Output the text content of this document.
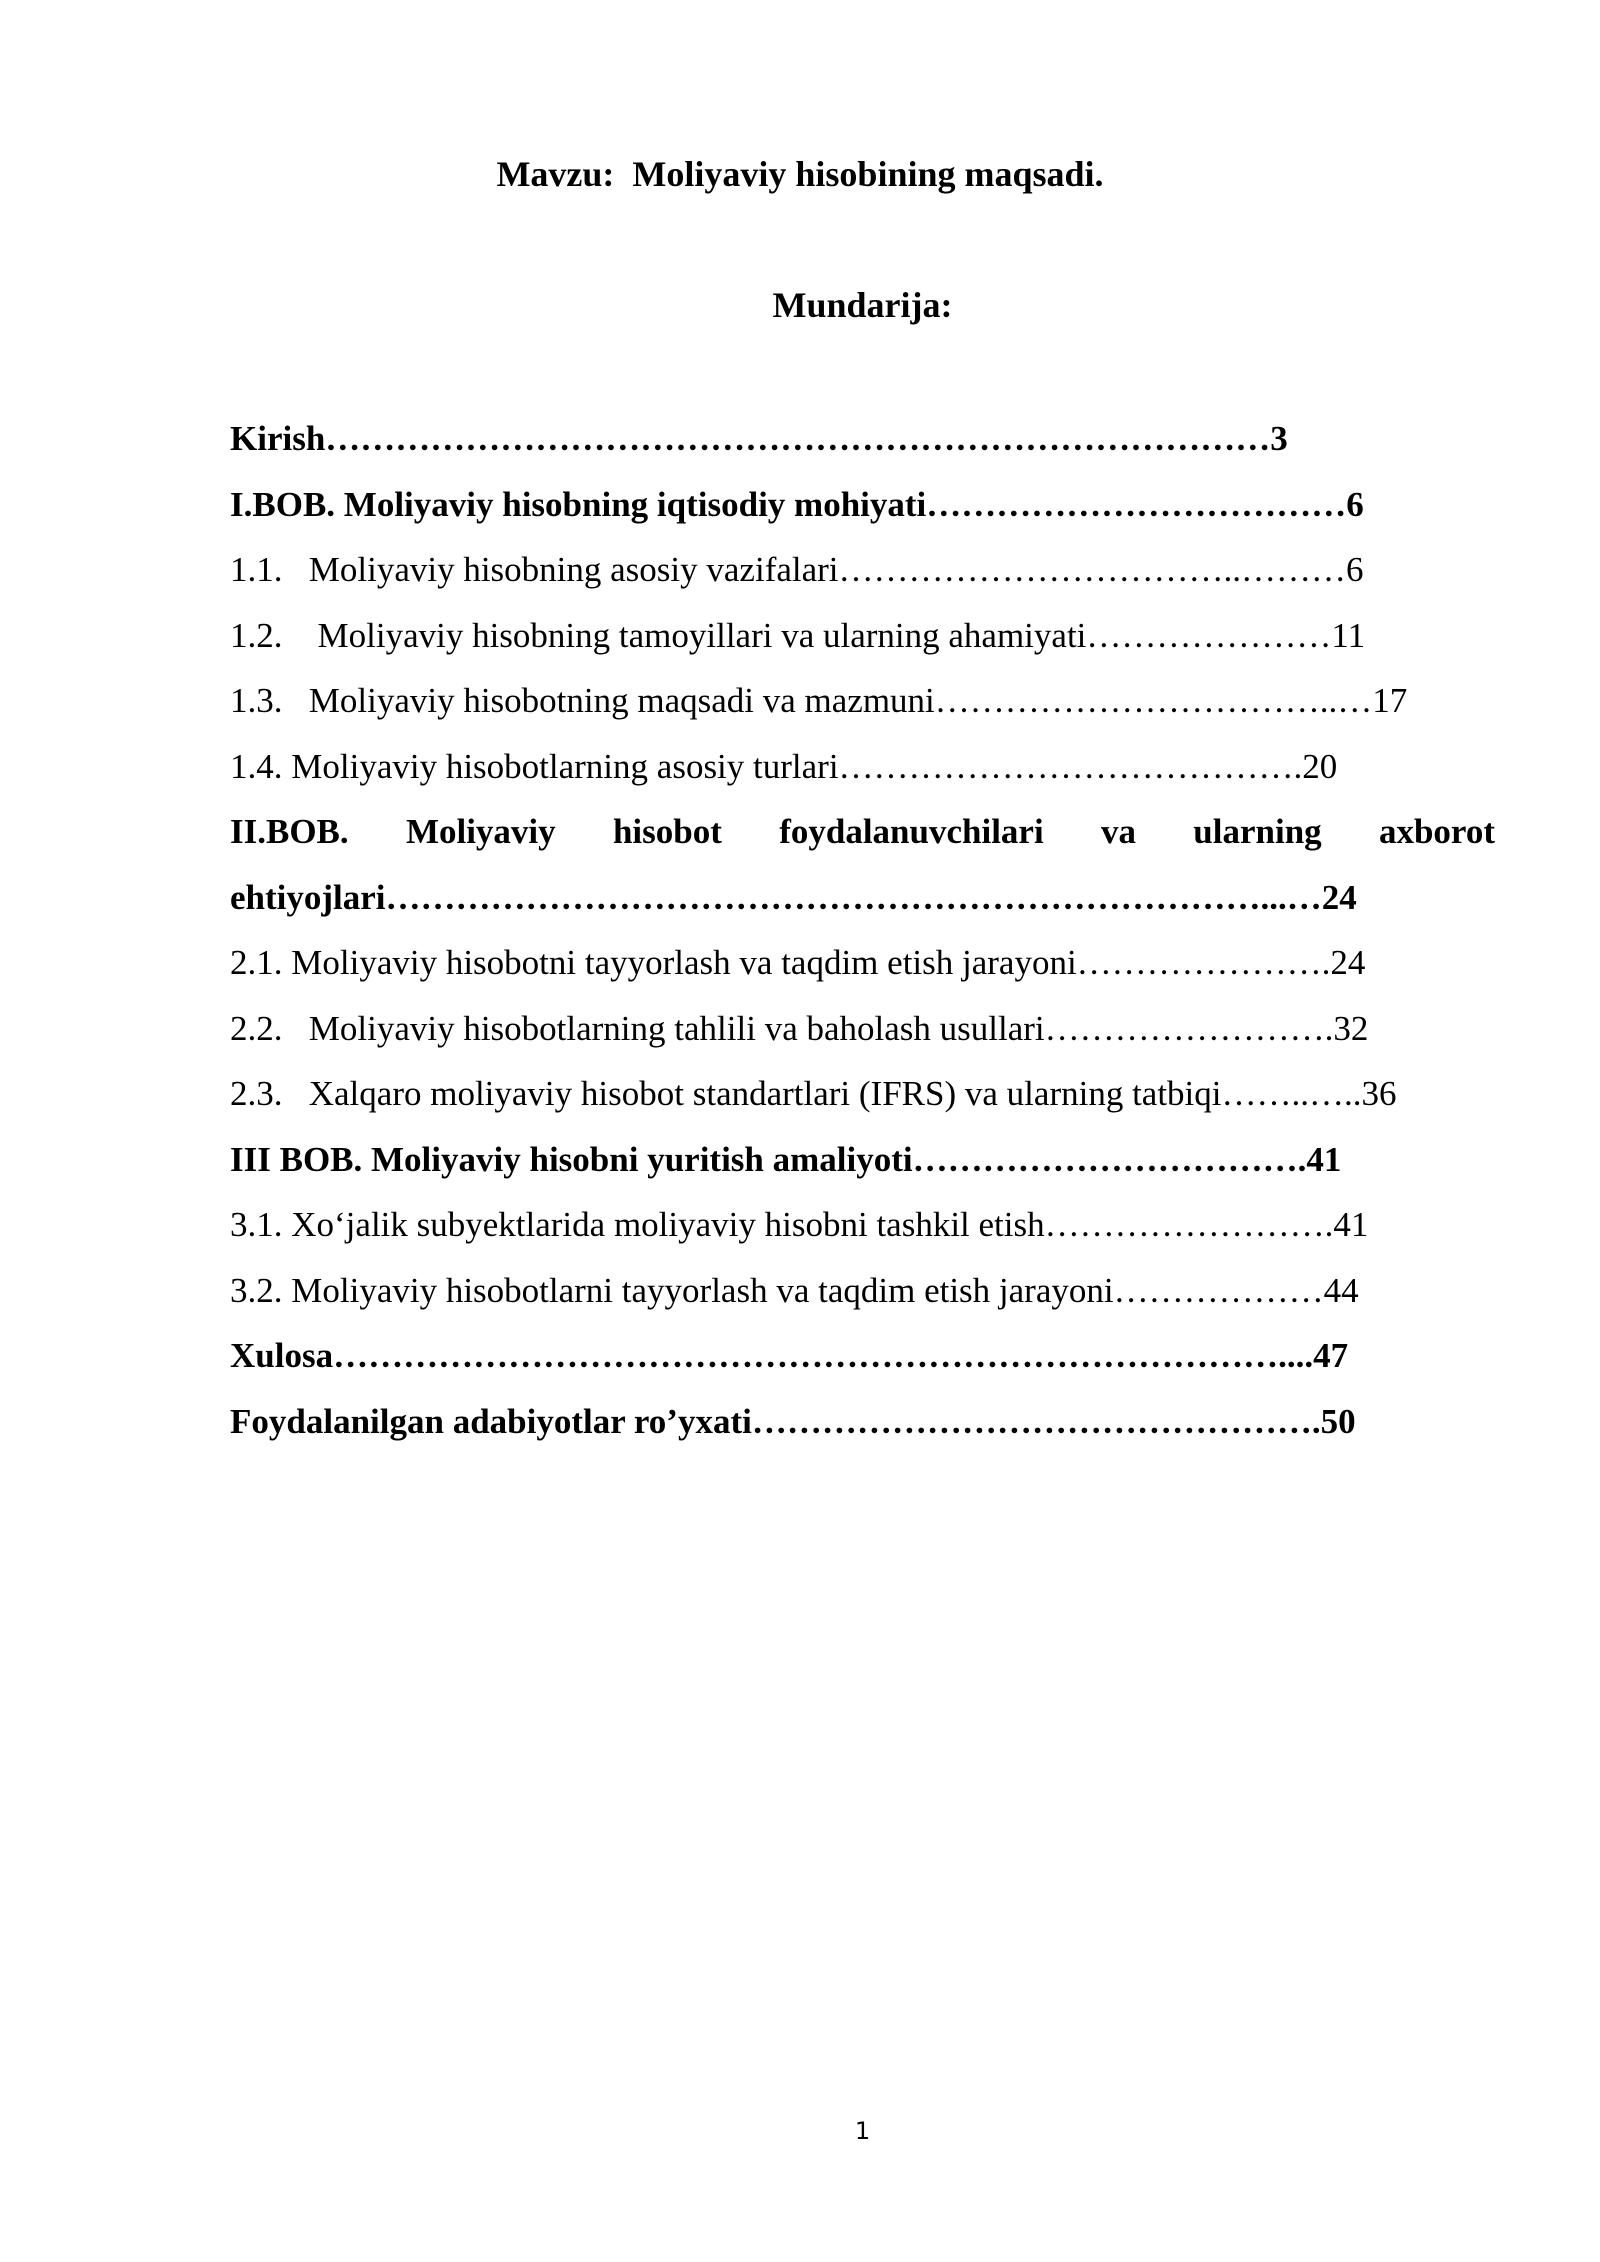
Mavzu:  Moliyaviy hisobining maqsadi.
Mundarija:
Kirish………………………………………………………………………3
I.BOB. Moliyaviy hisobning iqtisodiy mohiyati………………………………6
1.1.   Moliyaviy hisobning asosiy vazifalari……………………………..………6
1.2.    Moliyaviy hisobning tamoyillari va ularning ahamiyati…………………11
1.3.   Moliyaviy hisobotning maqsadi va mazmuni……………………………..…17
1.4. Moliyaviy hisobotlarning asosiy turlari………………………………….20
II.BOB. Moliyaviy hisobot foydalanuvchilari va ularning axborot
ehtiyojlari…………………………………………………………………...…24
2.1. Moliyaviy hisobotni tayyorlash va taqdim etish jarayoni………………….24
2.2.   Moliyaviy hisobotlarning tahlili va baholash usullari…………………….32
2.3.   Xalqaro moliyaviy hisobot standartlari (IFRS) va ularning tatbiqi……..…..36
III BOB. Moliyaviy hisobni yuritish amaliyoti…………………………….41
3.1. Xo‘jalik subyektlarida moliyaviy hisobni tashkil etish…………………….41
3.2. Moliyaviy hisobotlarni tayyorlash va taqdim etish jarayoni………………44
Xulosa………………………………………………………………………....47
Foydalanilgan adabiyotlar ro’yxati………………………………………….50
1
